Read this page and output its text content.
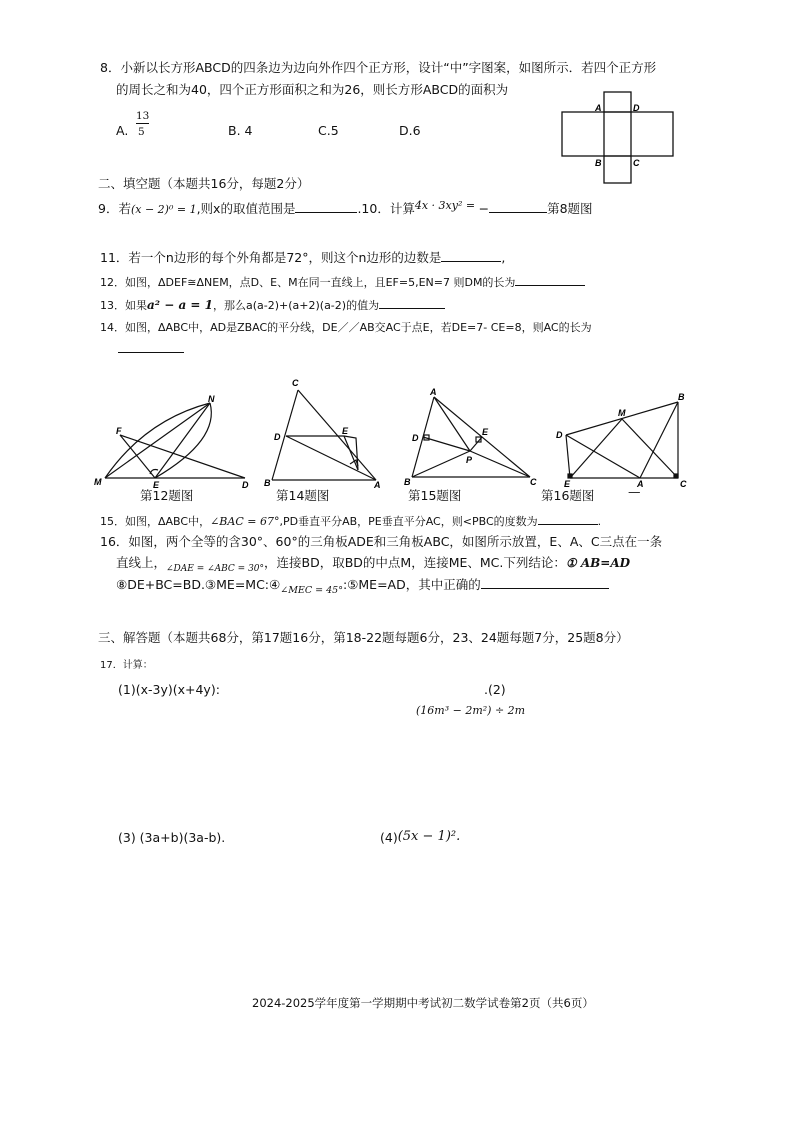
8．小新以长方形ABCD的四条边为边向外作四个正方形，设计“中”字图案，如图所示．若四个正方形
的周长之和为40，四个正方形面积之和为26，则长方形ABCD的面积为
A.
13
5	B. 4	C.5	D.6
A	D
B	C
二、填空题（本题共16分，每题2分）
9．若(x − 2)⁰ = 1,则x的取值范围是	.10．计算4x · 3xy² = −	第8题图
11．若一个n边形的每个外角都是72°，则这个n边形的边数是	,
12．如图，ΔDEF≅ΔNEM，点D、E、M在同一直线上，且EF=5,EN=7 则DM的长为
13．如果a² − a = 1，那么a(a-2)+(a+2)(a-2)的值为
14．如图，ΔABC中，AD是ZBAC的平分线，DE／／AB交AC于点E，若DE=7- CE=8，则AC的长为
F
N
M	E	D
第12题图
C
D
E
B	A
第14题图
A
D
E
P
B	C
第15题图
M
B
D
E	A	C
第16题图	—
15．如图，ΔABC中，∠BAC = 67°,PD垂直平分AB，PE垂直平分AC，则<PBC的度数为	.
16．如图，两个全等的含30°、60°的三角板ADE和三角板ABC，如图所示放置，E、A、C三点在一条
直线上，$_{\angle DAE = \angle ABC = 30^\circ}$，连接BD，取BD的中点M，连接ME、MC.下列结论：① AB=AD
$⑧DE+BC=BD.③ME=MC:④_{\angle MEC = 45^\circ}:⑤ME=AD$，其中正确的
三、解答题（本题共68分，第17题16分，第18-22题每题6分，23、24题每题7分，25题8分）
17．计算：
(1)(x-3y)(x+4y):	.(2)
(16m³ − 2m²) ÷ 2m
(3) (3a+b)(3a-b).	(4)(5x − 1)².
2024-2025学年度第一学期期中考试初二数学试卷第2页（共6页）
